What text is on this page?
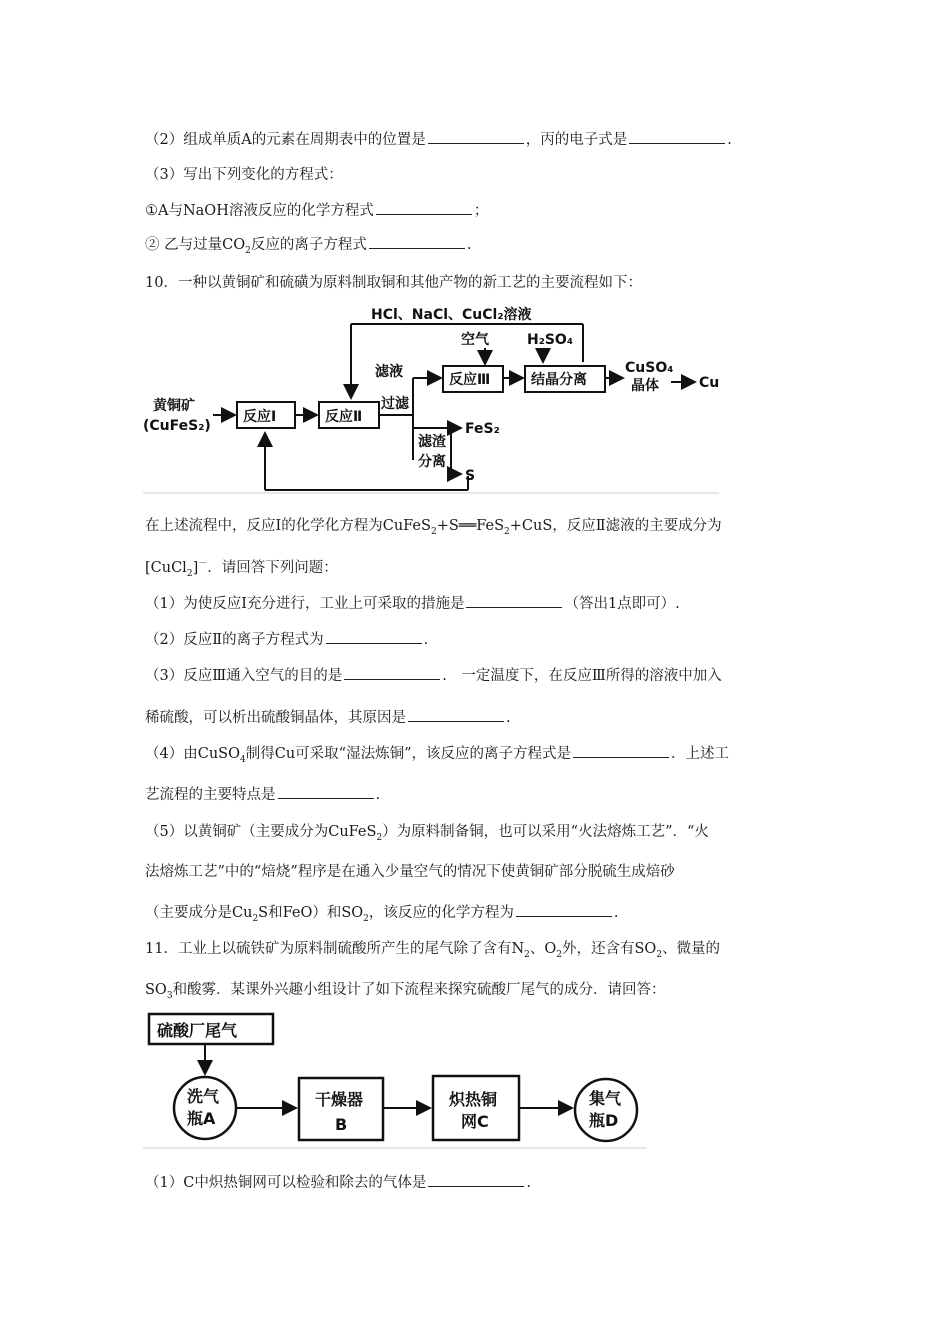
（2）组成单质A的元素在周期表中的位置是	，丙的电子式是	.
（3）写出下列变化的方程式：
①A与NaOH溶液反应的化学方程式	；
② 乙与过量$CO_2$反应的离子方程式	.
10．一种以黄铜矿和硫磺为原料制取铜和其他产物的新工艺的主要流程如下：
HCl、NaCl、CuCl₂溶液
空气	H₂SO₄
滤液	反应Ⅲ	结晶分离
CuSO₄
晶体	Cu
黄铜矿
(CuFeS₂)
反应Ⅰ	反应Ⅱ
过滤
滤渣
分离
FeS₂
S
在上述流程中，反应Ⅰ的化学化方程为CuFeS$_2$+S══FeS$_2$+CuS，反应Ⅱ滤液的主要成分为
[CuCl$_2$]－．请回答下列问题：
（1）为使反应Ⅰ充分进行，工业上可采取的措施是	（答出1点即可）.
（2）反应Ⅱ的离子方程式为	.
（3）反应Ⅲ通入空气的目的是	.　一定温度下，在反应Ⅲ所得的溶液中加入
稀硫酸，可以析出硫酸铜晶体，其原因是	.
（4）由CuSO$_4$制得Cu可采取“湿法炼铜”，该反应的离子方程式是	．上述工
艺流程的主要特点是	.
（5）以黄铜矿（主要成分为CuFeS$_2$）为原料制备铜，也可以采用“火法熔炼工艺”．“火
法熔炼工艺”中的“焙烧”程序是在通入少量空气的情况下使黄铜矿部分脱硫生成焙砂
（主要成分是$Cu_2S$和FeO）和$SO_2$，该反应的化学方程为	.
11．工业上以硫铁矿为原料制硫酸所产生的尾气除了含有$N_2$、$O_2$外，还含有$SO_2$、微量的
$SO_3$和酸雾．某课外兴趣小组设计了如下流程来探究硫酸厂尾气的成分．请回答：
硫酸厂尾气
洗气
瓶A
干燥器
B
炽热铜
网C
集气
瓶D
（1）C中炽热铜网可以检验和除去的气体是	.
